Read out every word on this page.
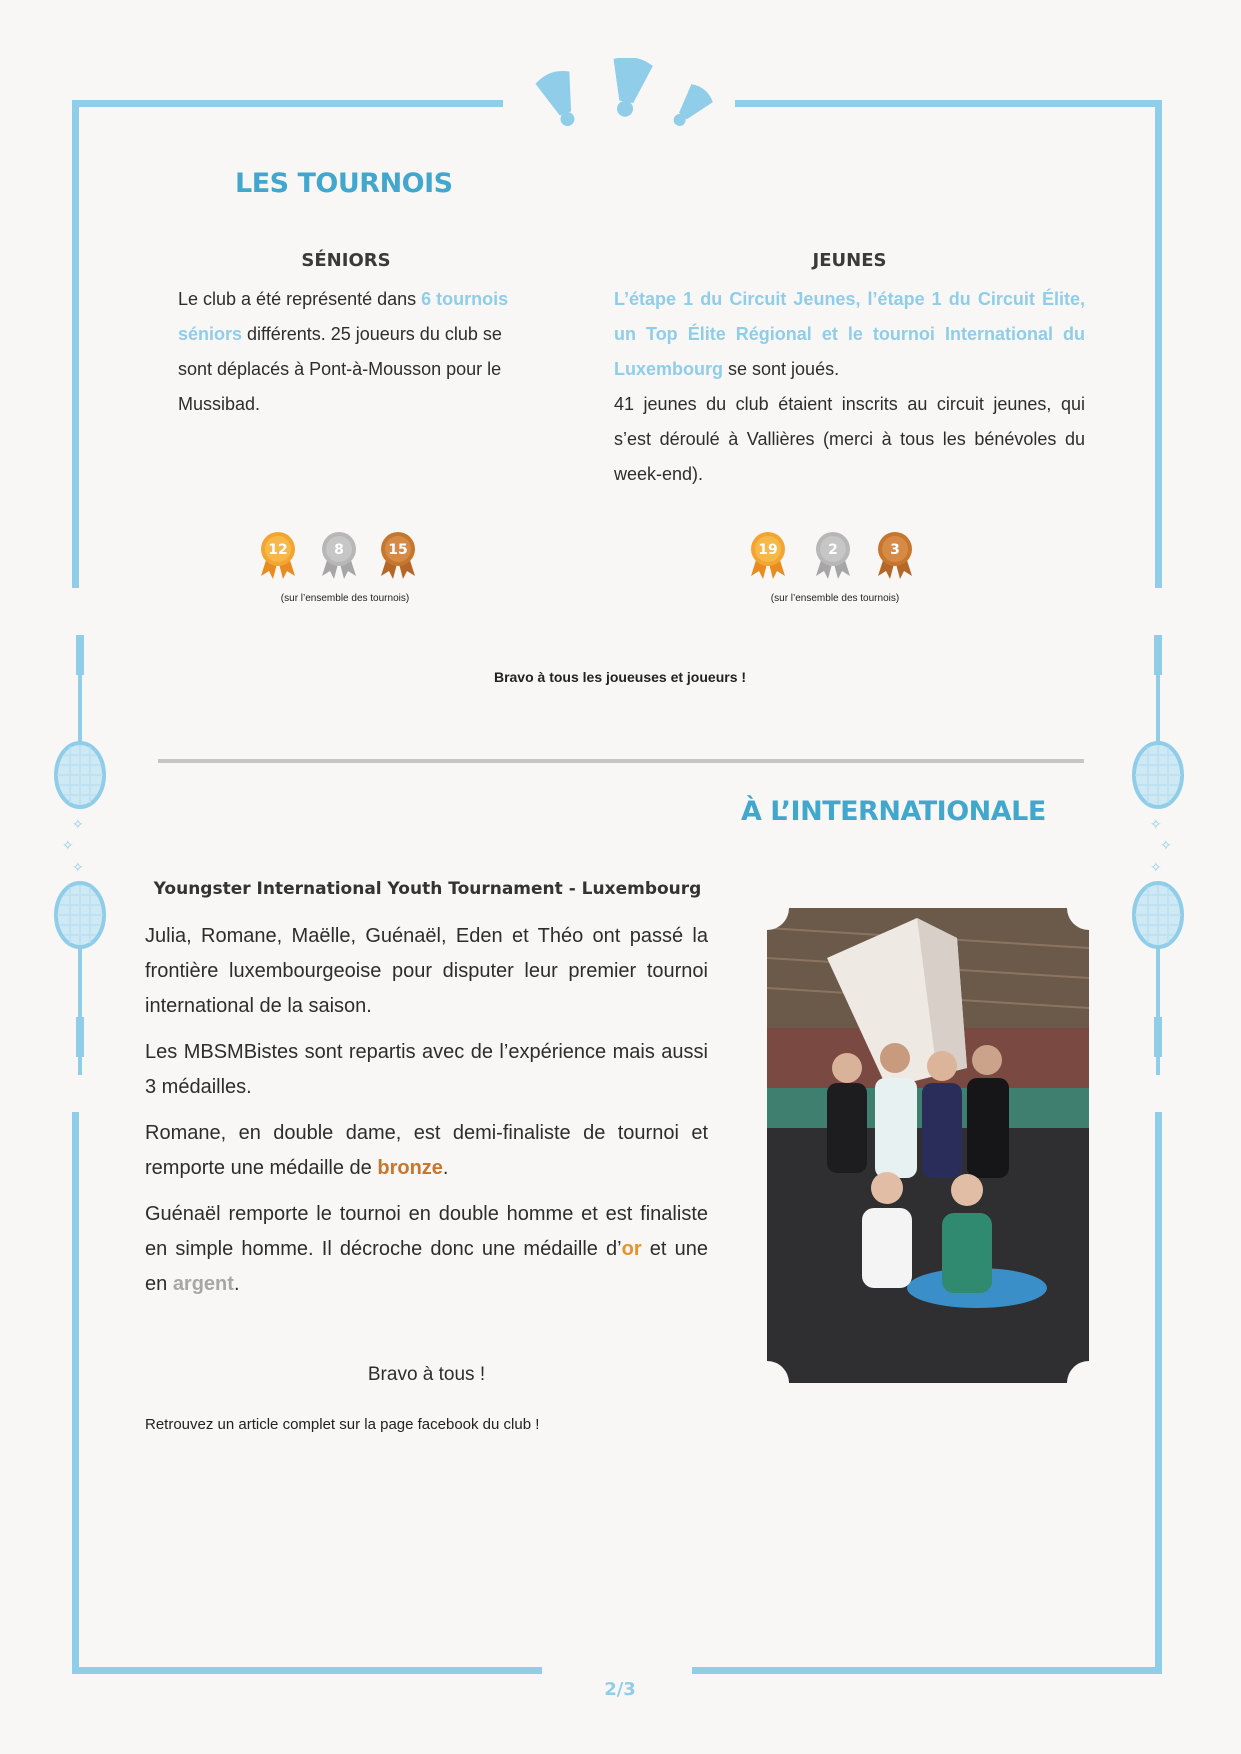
✧
✧
✧
✧
✧
✧
LES TOURNOIS
SÉNIORS
Le club a été représenté dans 6 tournois séniors différents. 25 joueurs du club se sont déplacés à Pont-à-Mousson pour le Mussibad.
JEUNES
L’étape 1 du Circuit Jeunes, l’étape 1 du Circuit Élite, un Top Élite Régional et le tournoi International du Luxembourg se sont joués.
41 jeunes du club étaient inscrits au circuit jeunes, qui s’est déroulé à Vallières (merci à tous les bénévoles du week-end).
12	8	15
(sur l’ensemble des tournois)
19	2	3
(sur l’ensemble des tournois)
Bravo à tous les joueuses et joueurs !
À L’INTERNATIONALE
Youngster International Youth Tournament - Luxembourg

Julia, Romane, Maëlle, Guénaël, Eden et Théo ont passé la frontière luxembourgeoise pour disputer leur premier tournoi international de la saison.

Les MBSMBistes sont repartis avec de l’expérience mais aussi 3 médailles.

Romane, en double dame, est demi-finaliste de tournoi et remporte une médaille de bronze.

Guénaël remporte le tournoi en double homme et est finaliste en simple homme. Il décroche donc une médaille d’or et une en argent.

Bravo à tous !
Retrouvez un article complet sur la page facebook du club !
2/3
